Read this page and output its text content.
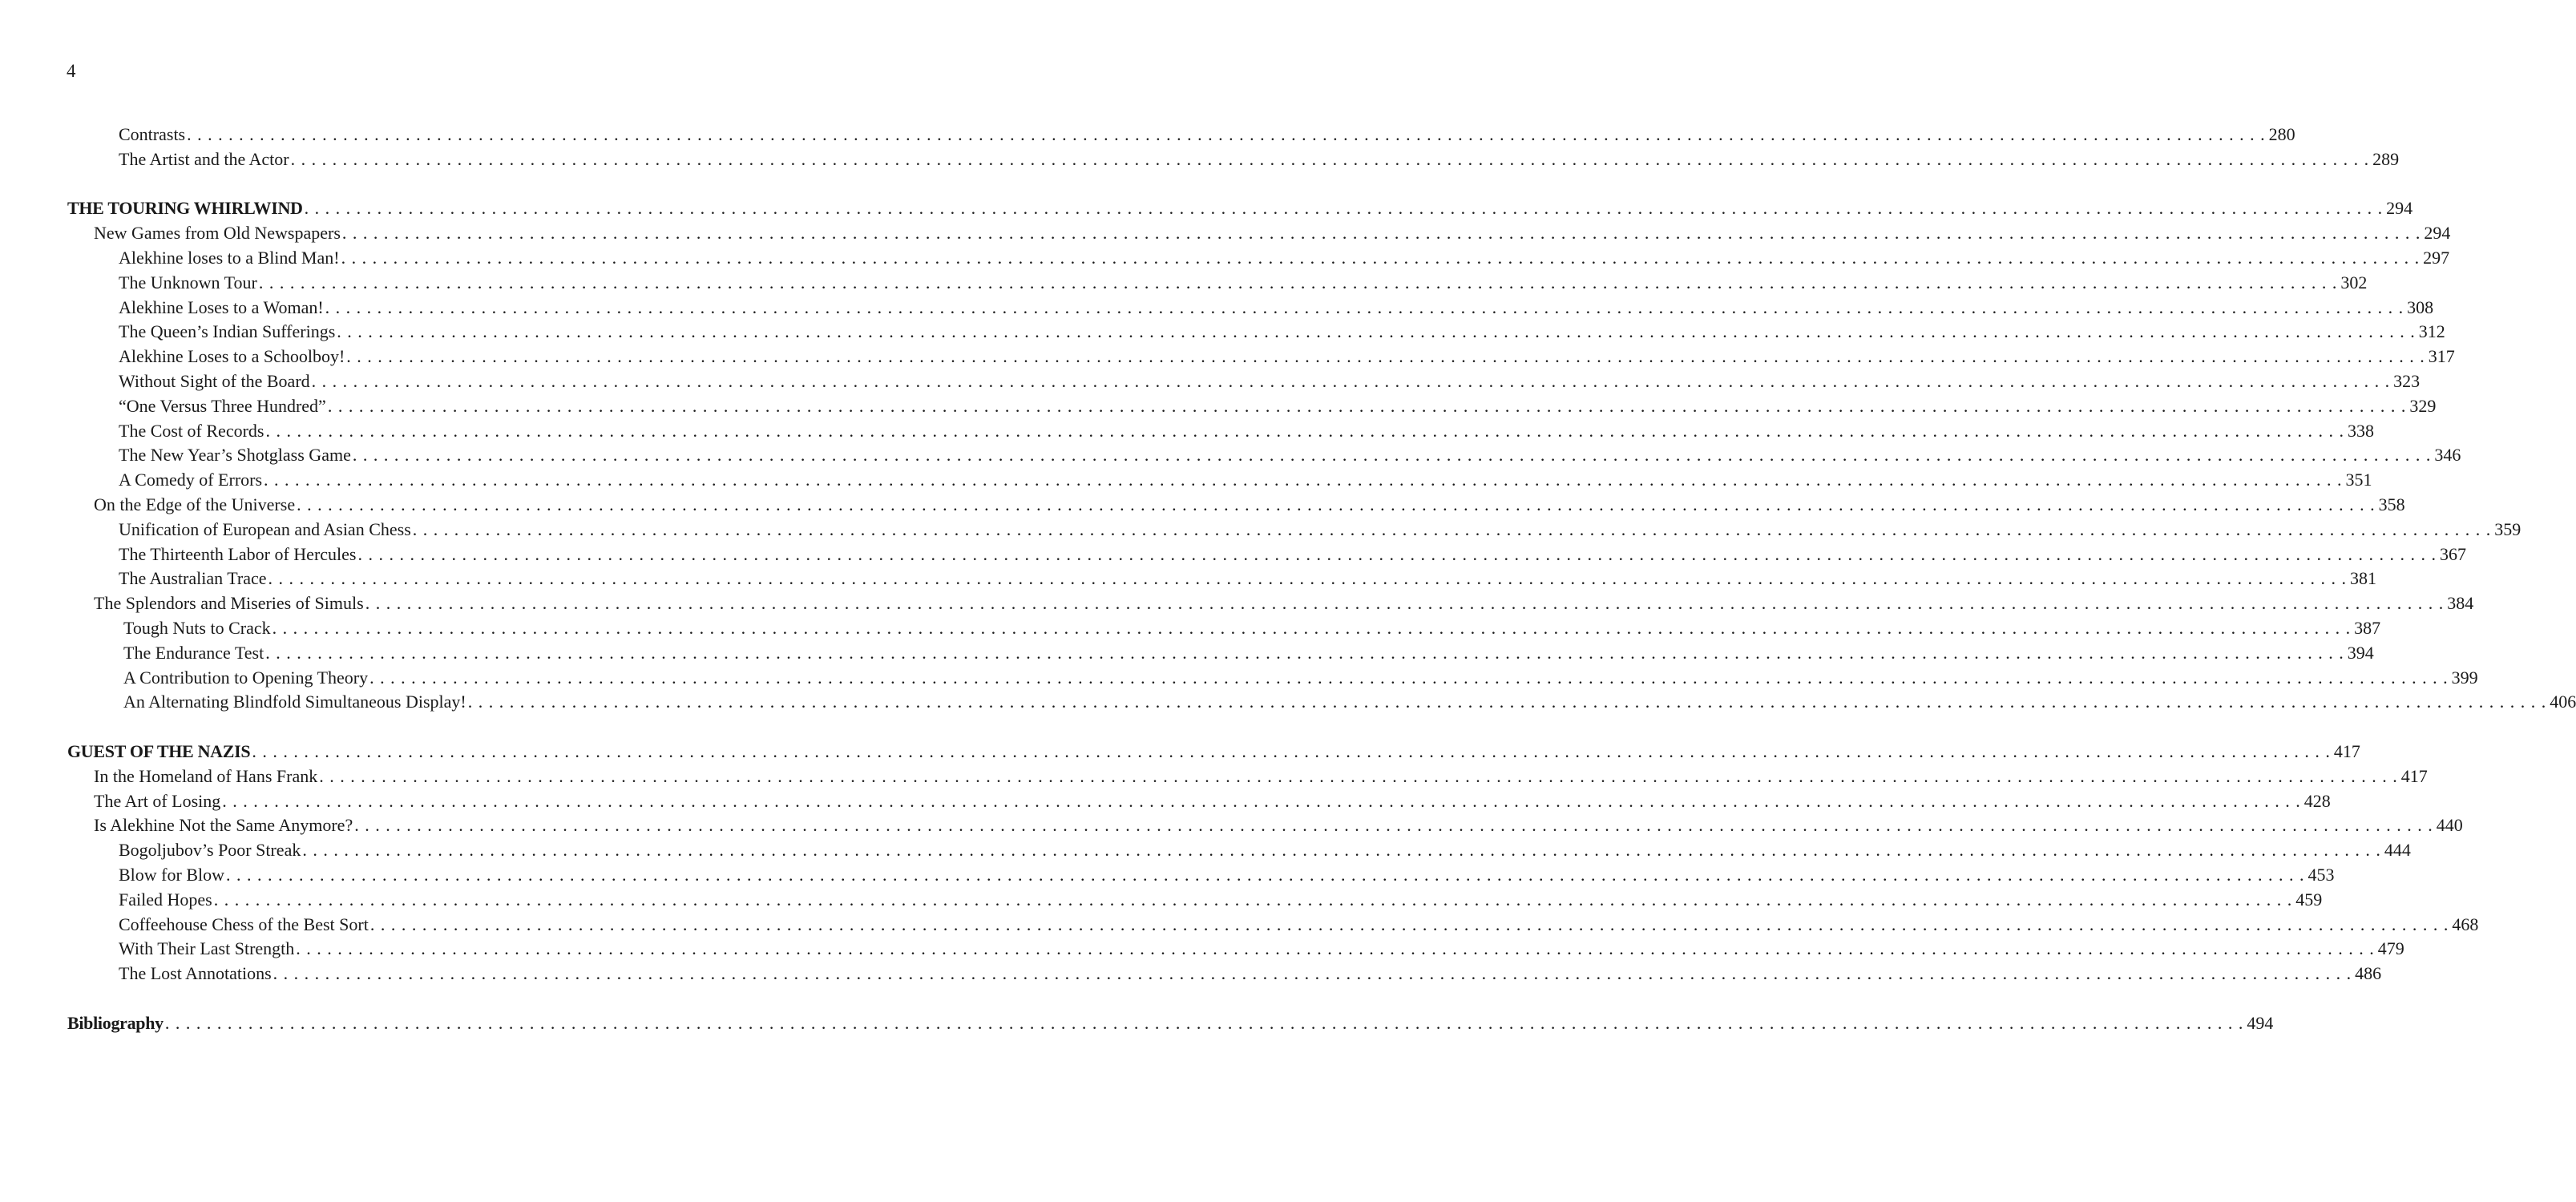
4
Contrasts . . . . . . . . . . . . . . . . . . . . . . . . . . . . . . . . . . . . . . . . . . . . . . . . . . . . . . . . . . . . . . . . . . . . . . . . . . . . . . . . . . . . . . . . . . . . . . . . . . . . . . . . . . . . . . . . . . . . . . . . . . . . . . . . . . . . . . . . . . . . . . . . . . . . . . . . . . . . . . . . . . . . . . . . . . . . . . . . . . . . . . . . . . . . . . . . . . . . . . . . 280
The Artist and the Actor . . . . . . . . . . . . . . . . . . . . . . . . . . . . . . . . . . . . . . . . . . . . . . . . . . . . . . . . . . . . . . . . . . . . . . . . . . . . . . . . . . . . . . . . . . . . . . . . . . . . . . . . . . . . . . . . . . . . . . . . . . . . . . . . . . . . . . . . . . . . . . . . . . . . . . . . . . . . . . . . . . . . . . . . . . . . . . . . . . . . . . . . . . . . . . . . . . . . . . . . 289
THE TOURING WHIRLWIND . . . . . . . . . . . . . . . . . . . . . . . . . . . . . . . . . . . . . . . . . . . . . . . . . . . . . . . . . . . . . . . . . . . . . . . . . . . . . . . . . . . . . . . . . . . . . . . . . . . . . . . . . . . . . . . . . . . . . . . . . . . . . . . . . . . . . . . . . . . . . . . . . . . . . . . . . . . . . . . . . . . . . . . . . . . . . . . . . . . . . . . . . . . . . . . . . . . . . . . . 294
New Games from Old Newspapers . . . . . . . . . . . . . . . . . . . . . . . . . . . . . . . . . . . . . . . . . . . . . . . . . . . . . . . . . . . . . . . . . . . . . . . . . . . . . . . . . . . . . . . . . . . . . . . . . . . . . . . . . . . . . . . . . . . . . . . . . . . . . . . . . . . . . . . . . . . . . . . . . . . . . . . . . . . . . . . . . . . . . . . . . . . . . . . . . . . . . . . . . . . . . . . . . . . . . . . . 294
Alekhine loses to a Blind Man! . . . . . . . . . . . . . . . . . . . . . . . . . . . . . . . . . . . . . . . . . . . . . . . . . . . . . . . . . . . . . . . . . . . . . . . . . . . . . . . . . . . . . . . . . . . . . . . . . . . . . . . . . . . . . . . . . . . . . . . . . . . . . . . . . . . . . . . . . . . . . . . . . . . . . . . . . . . . . . . . . . . . . . . . . . . . . . . . . . . . . . . . . . . . . . . . . . . . . . . . 297
The Unknown Tour . . . . . . . . . . . . . . . . . . . . . . . . . . . . . . . . . . . . . . . . . . . . . . . . . . . . . . . . . . . . . . . . . . . . . . . . . . . . . . . . . . . . . . . . . . . . . . . . . . . . . . . . . . . . . . . . . . . . . . . . . . . . . . . . . . . . . . . . . . . . . . . . . . . . . . . . . . . . . . . . . . . . . . . . . . . . . . . . . . . . . . . . . . . . . . . . . . . . . . . . 302
Alekhine Loses to a Woman! . . . . . . . . . . . . . . . . . . . . . . . . . . . . . . . . . . . . . . . . . . . . . . . . . . . . . . . . . . . . . . . . . . . . . . . . . . . . . . . . . . . . . . . . . . . . . . . . . . . . . . . . . . . . . . . . . . . . . . . . . . . . . . . . . . . . . . . . . . . . . . . . . . . . . . . . . . . . . . . . . . . . . . . . . . . . . . . . . . . . . . . . . . . . . . . . . . . . . . . . 308
The Queen’s Indian Sufferings . . . . . . . . . . . . . . . . . . . . . . . . . . . . . . . . . . . . . . . . . . . . . . . . . . . . . . . . . . . . . . . . . . . . . . . . . . . . . . . . . . . . . . . . . . . . . . . . . . . . . . . . . . . . . . . . . . . . . . . . . . . . . . . . . . . . . . . . . . . . . . . . . . . . . . . . . . . . . . . . . . . . . . . . . . . . . . . . . . . . . . . . . . . . . . . . . . . . . . . . 312
Alekhine Loses to a Schoolboy! . . . . . . . . . . . . . . . . . . . . . . . . . . . . . . . . . . . . . . . . . . . . . . . . . . . . . . . . . . . . . . . . . . . . . . . . . . . . . . . . . . . . . . . . . . . . . . . . . . . . . . . . . . . . . . . . . . . . . . . . . . . . . . . . . . . . . . . . . . . . . . . . . . . . . . . . . . . . . . . . . . . . . . . . . . . . . . . . . . . . . . . . . . . . . . . . . . . . . . . . 317
Without Sight of the Board . . . . . . . . . . . . . . . . . . . . . . . . . . . . . . . . . . . . . . . . . . . . . . . . . . . . . . . . . . . . . . . . . . . . . . . . . . . . . . . . . . . . . . . . . . . . . . . . . . . . . . . . . . . . . . . . . . . . . . . . . . . . . . . . . . . . . . . . . . . . . . . . . . . . . . . . . . . . . . . . . . . . . . . . . . . . . . . . . . . . . . . . . . . . . . . . . . . . . . . . 323
“One Versus Three Hundred” . . . . . . . . . . . . . . . . . . . . . . . . . . . . . . . . . . . . . . . . . . . . . . . . . . . . . . . . . . . . . . . . . . . . . . . . . . . . . . . . . . . . . . . . . . . . . . . . . . . . . . . . . . . . . . . . . . . . . . . . . . . . . . . . . . . . . . . . . . . . . . . . . . . . . . . . . . . . . . . . . . . . . . . . . . . . . . . . . . . . . . . . . . . . . . . . . . . . . . . . 329
The Cost of Records . . . . . . . . . . . . . . . . . . . . . . . . . . . . . . . . . . . . . . . . . . . . . . . . . . . . . . . . . . . . . . . . . . . . . . . . . . . . . . . . . . . . . . . . . . . . . . . . . . . . . . . . . . . . . . . . . . . . . . . . . . . . . . . . . . . . . . . . . . . . . . . . . . . . . . . . . . . . . . . . . . . . . . . . . . . . . . . . . . . . . . . . . . . . . . . . . . . . . . . . 338
The New Year’s Shotglass Game . . . . . . . . . . . . . . . . . . . . . . . . . . . . . . . . . . . . . . . . . . . . . . . . . . . . . . . . . . . . . . . . . . . . . . . . . . . . . . . . . . . . . . . . . . . . . . . . . . . . . . . . . . . . . . . . . . . . . . . . . . . . . . . . . . . . . . . . . . . . . . . . . . . . . . . . . . . . . . . . . . . . . . . . . . . . . . . . . . . . . . . . . . . . . . . . . . . . . . . . 346
A Comedy of Errors . . . . . . . . . . . . . . . . . . . . . . . . . . . . . . . . . . . . . . . . . . . . . . . . . . . . . . . . . . . . . . . . . . . . . . . . . . . . . . . . . . . . . . . . . . . . . . . . . . . . . . . . . . . . . . . . . . . . . . . . . . . . . . . . . . . . . . . . . . . . . . . . . . . . . . . . . . . . . . . . . . . . . . . . . . . . . . . . . . . . . . . . . . . . . . . . . . . . . . . . 351
On the Edge of the Universe . . . . . . . . . . . . . . . . . . . . . . . . . . . . . . . . . . . . . . . . . . . . . . . . . . . . . . . . . . . . . . . . . . . . . . . . . . . . . . . . . . . . . . . . . . . . . . . . . . . . . . . . . . . . . . . . . . . . . . . . . . . . . . . . . . . . . . . . . . . . . . . . . . . . . . . . . . . . . . . . . . . . . . . . . . . . . . . . . . . . . . . . . . . . . . . . . . . . . . . . 358
Unification of European and Asian Chess . . . . . . . . . . . . . . . . . . . . . . . . . . . . . . . . . . . . . . . . . . . . . . . . . . . . . . . . . . . . . . . . . . . . . . . . . . . . . . . . . . . . . . . . . . . . . . . . . . . . . . . . . . . . . . . . . . . . . . . . . . . . . . . . . . . . . . . . . . . . . . . . . . . . . . . . . . . . . . . . . . . . . . . . . . . . . . . . . . . . . . . . . . . . . . . . . . . . . . . . 359
The Thirteenth Labor of Hercules . . . . . . . . . . . . . . . . . . . . . . . . . . . . . . . . . . . . . . . . . . . . . . . . . . . . . . . . . . . . . . . . . . . . . . . . . . . . . . . . . . . . . . . . . . . . . . . . . . . . . . . . . . . . . . . . . . . . . . . . . . . . . . . . . . . . . . . . . . . . . . . . . . . . . . . . . . . . . . . . . . . . . . . . . . . . . . . . . . . . . . . . . . . . . . . . . . . . . . . . 367
The Australian Trace . . . . . . . . . . . . . . . . . . . . . . . . . . . . . . . . . . . . . . . . . . . . . . . . . . . . . . . . . . . . . . . . . . . . . . . . . . . . . . . . . . . . . . . . . . . . . . . . . . . . . . . . . . . . . . . . . . . . . . . . . . . . . . . . . . . . . . . . . . . . . . . . . . . . . . . . . . . . . . . . . . . . . . . . . . . . . . . . . . . . . . . . . . . . . . . . . . . . . . . . 381
The Splendors and Miseries of Simuls . . . . . . . . . . . . . . . . . . . . . . . . . . . . . . . . . . . . . . . . . . . . . . . . . . . . . . . . . . . . . . . . . . . . . . . . . . . . . . . . . . . . . . . . . . . . . . . . . . . . . . . . . . . . . . . . . . . . . . . . . . . . . . . . . . . . . . . . . . . . . . . . . . . . . . . . . . . . . . . . . . . . . . . . . . . . . . . . . . . . . . . . . . . . . . . . . . . . . . . . 384
Tough Nuts to Crack . . . . . . . . . . . . . . . . . . . . . . . . . . . . . . . . . . . . . . . . . . . . . . . . . . . . . . . . . . . . . . . . . . . . . . . . . . . . . . . . . . . . . . . . . . . . . . . . . . . . . . . . . . . . . . . . . . . . . . . . . . . . . . . . . . . . . . . . . . . . . . . . . . . . . . . . . . . . . . . . . . . . . . . . . . . . . . . . . . . . . . . . . . . . . . . . . . . . . . . . 387
The Endurance Test . . . . . . . . . . . . . . . . . . . . . . . . . . . . . . . . . . . . . . . . . . . . . . . . . . . . . . . . . . . . . . . . . . . . . . . . . . . . . . . . . . . . . . . . . . . . . . . . . . . . . . . . . . . . . . . . . . . . . . . . . . . . . . . . . . . . . . . . . . . . . . . . . . . . . . . . . . . . . . . . . . . . . . . . . . . . . . . . . . . . . . . . . . . . . . . . . . . . . . . . 394
A Contribution to Opening Theory . . . . . . . . . . . . . . . . . . . . . . . . . . . . . . . . . . . . . . . . . . . . . . . . . . . . . . . . . . . . . . . . . . . . . . . . . . . . . . . . . . . . . . . . . . . . . . . . . . . . . . . . . . . . . . . . . . . . . . . . . . . . . . . . . . . . . . . . . . . . . . . . . . . . . . . . . . . . . . . . . . . . . . . . . . . . . . . . . . . . . . . . . . . . . . . . . . . . . . . . 399
An Alternating Blindfold Simultaneous Display! . . . . . . . . . . . . . . . . . . . . . . . . . . . . . . . . . . . . . . . . . . . . . . . . . . . . . . . . . . . . . . . . . . . . . . . . . . . . . . . . . . . . . . . . . . . . . . . . . . . . . . . . . . . . . . . . . . . . . . . . . . . . . . . . . . . . . . . . . . . . . . . . . . . . . . . . . . . . . . . . . . . . . . . . . . . . . . . . . . . . . . . . . . . . . . . . . . . . . . . . 406
GUEST OF THE NAZIS . . . . . . . . . . . . . . . . . . . . . . . . . . . . . . . . . . . . . . . . . . . . . . . . . . . . . . . . . . . . . . . . . . . . . . . . . . . . . . . . . . . . . . . . . . . . . . . . . . . . . . . . . . . . . . . . . . . . . . . . . . . . . . . . . . . . . . . . . . . . . . . . . . . . . . . . . . . . . . . . . . . . . . . . . . . . . . . . . . . . . . . . . . . . . . . . . . . . . . . . 417
In the Homeland of Hans Frank . . . . . . . . . . . . . . . . . . . . . . . . . . . . . . . . . . . . . . . . . . . . . . . . . . . . . . . . . . . . . . . . . . . . . . . . . . . . . . . . . . . . . . . . . . . . . . . . . . . . . . . . . . . . . . . . . . . . . . . . . . . . . . . . . . . . . . . . . . . . . . . . . . . . . . . . . . . . . . . . . . . . . . . . . . . . . . . . . . . . . . . . . . . . . . . . . . . . . . . . 417
The Art of Losing . . . . . . . . . . . . . . . . . . . . . . . . . . . . . . . . . . . . . . . . . . . . . . . . . . . . . . . . . . . . . . . . . . . . . . . . . . . . . . . . . . . . . . . . . . . . . . . . . . . . . . . . . . . . . . . . . . . . . . . . . . . . . . . . . . . . . . . . . . . . . . . . . . . . . . . . . . . . . . . . . . . . . . . . . . . . . . . . . . . . . . . . . . . . . . . . . . . . . . . . 428
Is Alekhine Not the Same Anymore? . . . . . . . . . . . . . . . . . . . . . . . . . . . . . . . . . . . . . . . . . . . . . . . . . . . . . . . . . . . . . . . . . . . . . . . . . . . . . . . . . . . . . . . . . . . . . . . . . . . . . . . . . . . . . . . . . . . . . . . . . . . . . . . . . . . . . . . . . . . . . . . . . . . . . . . . . . . . . . . . . . . . . . . . . . . . . . . . . . . . . . . . . . . . . . . . . . . . . . . . 440
Bogoljubov’s Poor Streak . . . . . . . . . . . . . . . . . . . . . . . . . . . . . . . . . . . . . . . . . . . . . . . . . . . . . . . . . . . . . . . . . . . . . . . . . . . . . . . . . . . . . . . . . . . . . . . . . . . . . . . . . . . . . . . . . . . . . . . . . . . . . . . . . . . . . . . . . . . . . . . . . . . . . . . . . . . . . . . . . . . . . . . . . . . . . . . . . . . . . . . . . . . . . . . . . . . . . . . . 444
Blow for Blow . . . . . . . . . . . . . . . . . . . . . . . . . . . . . . . . . . . . . . . . . . . . . . . . . . . . . . . . . . . . . . . . . . . . . . . . . . . . . . . . . . . . . . . . . . . . . . . . . . . . . . . . . . . . . . . . . . . . . . . . . . . . . . . . . . . . . . . . . . . . . . . . . . . . . . . . . . . . . . . . . . . . . . . . . . . . . . . . . . . . . . . . . . . . . . . . . . . . . . . . 453
Failed Hopes . . . . . . . . . . . . . . . . . . . . . . . . . . . . . . . . . . . . . . . . . . . . . . . . . . . . . . . . . . . . . . . . . . . . . . . . . . . . . . . . . . . . . . . . . . . . . . . . . . . . . . . . . . . . . . . . . . . . . . . . . . . . . . . . . . . . . . . . . . . . . . . . . . . . . . . . . . . . . . . . . . . . . . . . . . . . . . . . . . . . . . . . . . . . . . . . . . . . . . . . 459
Coffeehouse Chess of the Best Sort . . . . . . . . . . . . . . . . . . . . . . . . . . . . . . . . . . . . . . . . . . . . . . . . . . . . . . . . . . . . . . . . . . . . . . . . . . . . . . . . . . . . . . . . . . . . . . . . . . . . . . . . . . . . . . . . . . . . . . . . . . . . . . . . . . . . . . . . . . . . . . . . . . . . . . . . . . . . . . . . . . . . . . . . . . . . . . . . . . . . . . . . . . . . . . . . . . . . . . . . 468
With Their Last Strength . . . . . . . . . . . . . . . . . . . . . . . . . . . . . . . . . . . . . . . . . . . . . . . . . . . . . . . . . . . . . . . . . . . . . . . . . . . . . . . . . . . . . . . . . . . . . . . . . . . . . . . . . . . . . . . . . . . . . . . . . . . . . . . . . . . . . . . . . . . . . . . . . . . . . . . . . . . . . . . . . . . . . . . . . . . . . . . . . . . . . . . . . . . . . . . . . . . . . . . . 479
The Lost Annotations . . . . . . . . . . . . . . . . . . . . . . . . . . . . . . . . . . . . . . . . . . . . . . . . . . . . . . . . . . . . . . . . . . . . . . . . . . . . . . . . . . . . . . . . . . . . . . . . . . . . . . . . . . . . . . . . . . . . . . . . . . . . . . . . . . . . . . . . . . . . . . . . . . . . . . . . . . . . . . . . . . . . . . . . . . . . . . . . . . . . . . . . . . . . . . . . . . . . . . . . 486
Bibliography . . . . . . . . . . . . . . . . . . . . . . . . . . . . . . . . . . . . . . . . . . . . . . . . . . . . . . . . . . . . . . . . . . . . . . . . . . . . . . . . . . . . . . . . . . . . . . . . . . . . . . . . . . . . . . . . . . . . . . . . . . . . . . . . . . . . . . . . . . . . . . . . . . . . . . . . . . . . . . . . . . . . . . . . . . . . . . . . . . . . . . . . . . . . . . . . . . . . . . . . 494
